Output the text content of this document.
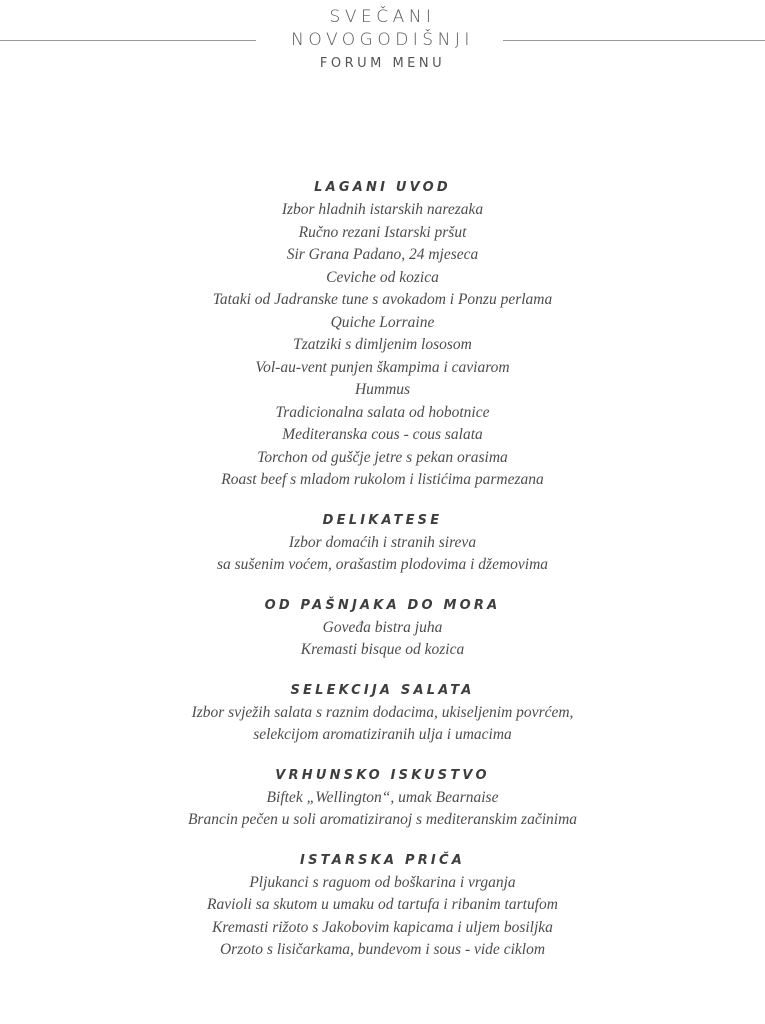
SVEČANI
NOVOGODIŠNJI
FORUM MENU

LAGANI UVOD

Izbor hladnih istarskih narezaka

Ručno rezani Istarski pršut

Sir Grana Padano, 24 mjeseca

Ceviche od kozica

Tataki od Jadranske tune s avokadom i Ponzu perlama

Quiche Lorraine

Tzatziki s dimljenim lososom

Vol-au-vent punjen škampima i caviarom

Hummus

Tradicionalna salata od hobotnice

Mediteranska cous - cous salata

Torchon od guščje jetre s pekan orasima

Roast beef s mladom rukolom i listićima parmezana

DELIKATESE

Izbor domaćih i stranih sireva

sa sušenim voćem, orašastim plodovima i džemovima

OD PAŠNJAKA DO MORA

Goveđa bistra juha

Kremasti bisque od kozica

SELEKCIJA SALATA

Izbor svježih salata s raznim dodacima, ukiseljenim povrćem,

selekcijom aromatiziranih ulja i umacima

VRHUNSKO ISKUSTVO

Biftek „Wellington“, umak Bearnaise

Brancin pečen u soli aromatiziranoj s mediteranskim začinima

ISTARSKA PRIČA

Pljukanci s raguom od boškarina i vrganja

Ravioli sa skutom u umaku od tartufa i ribanim tartufom

Kremasti rižoto s Jakobovim kapicama i uljem bosiljka

Orzoto s lisičarkama, bundevom i sous - vide ciklom
